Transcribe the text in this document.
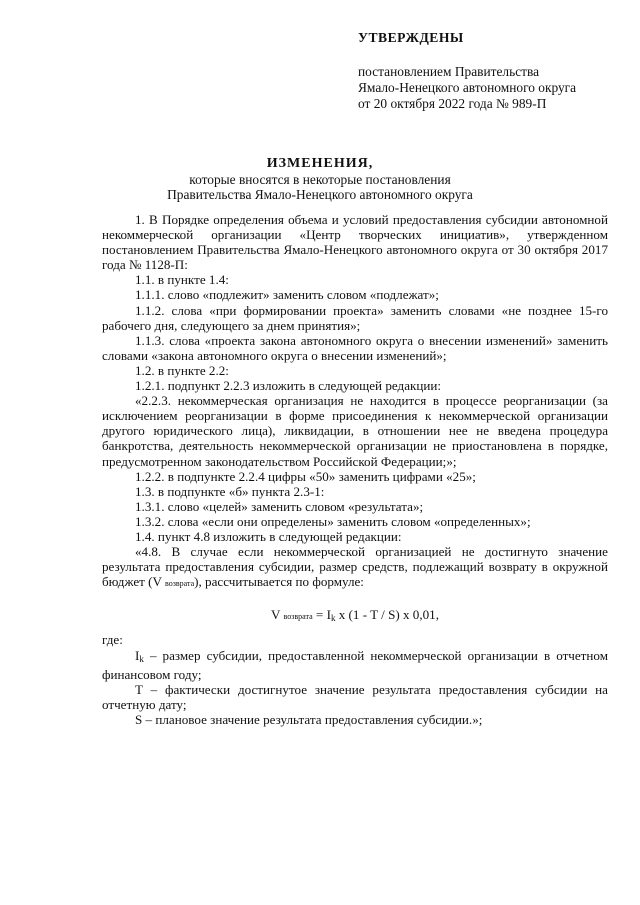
УТВЕРЖДЕНЫ
постановлением Правительства
Ямало-Ненецкого автономного округа
от 20 октября 2022 года № 989-П
ИЗМЕНЕНИЯ,
которые вносятся в некоторые постановления
Правительства Ямало-Ненецкого автономного округа

1. В Порядке определения объема и условий предоставления субсидии автономной некоммерческой организации «Центр творческих инициатив», утвержденном постановлением Правительства Ямало-Ненецкого автономного округа от 30 октября 2017 года № 1128-П:

1.1. в пункте 1.4:

1.1.1. слово «подлежит» заменить словом «подлежат»;

1.1.2. слова «при формировании проекта» заменить словами «не позднее 15-го рабочего дня, следующего за днем принятия»;

1.1.3. слова «проекта закона автономного округа о внесении изменений» заменить словами «закона автономного округа о внесении изменений»;

1.2. в пункте 2.2:

1.2.1. подпункт 2.2.3 изложить в следующей редакции:

«2.2.3. некоммерческая организация не находится в процессе реорганизации (за исключением реорганизации в форме присоединения к некоммерческой организации другого юридического лица), ликвидации, в отношении нее не введена процедура банкротства, деятельность некоммерческой организации не приостановлена в порядке, предусмотренном законодательством Российской Федерации;»;

1.2.2. в подпункте 2.2.4 цифры «50» заменить цифрами «25»;

1.3. в подпункте «б» пункта 2.3-1:

1.3.1. слово «целей» заменить словом «результата»;

1.3.2. слова «если они определены» заменить словом «определенных»;

1.4. пункт 4.8 изложить в следующей редакции:

«4.8. В случае если некоммерческой организацией не достигнуто значение результата предоставления субсидии, размер средств, подлежащий возврату в окружной бюджет (V возврата), рассчитывается по формуле:

V возврата = Ik x (1 - T / S) x 0,01,

где:

Ik – размер субсидии, предоставленной некоммерческой организации в отчетном финансовом году;

T – фактически достигнутое значение результата предоставления субсидии на отчетную дату;

S – плановое значение результата предоставления субсидии.»;
